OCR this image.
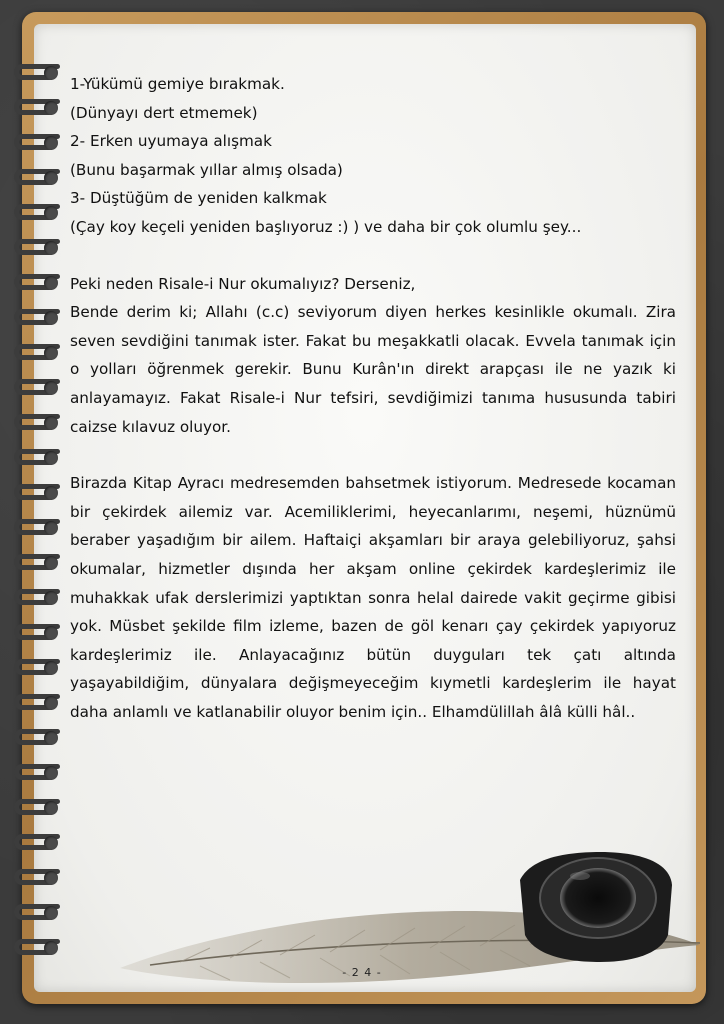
1-Yükümü gemiye bırakmak.

(Dünyayı dert etmemek)

2- Erken uyumaya alışmak

(Bunu başarmak yıllar almış olsada)

3- Düştüğüm de yeniden kalkmak

(Çay koy keçeli yeniden başlıyoruz :) ) ve daha bir çok olumlu şey...

Peki neden Risale-i Nur okumalıyız? Derseniz,

Bende derim ki; Allahı (c.c) seviyorum diyen herkes kesinlikle okumalı. Zira seven sevdiğini tanımak ister. Fakat bu meşakkatli olacak. Evvela tanımak için o yolları öğrenmek gerekir. Bunu Kurân'ın direkt arapçası ile ne yazık ki anlayamayız. Fakat Risale-i Nur tefsiri, sevdiğimizi tanıma hususunda tabiri caizse kılavuz oluyor.

Birazda Kitap Ayracı medresemden bahsetmek istiyorum. Medresede kocaman bir çekirdek ailemiz var. Acemiliklerimi, heyecanlarımı, neşemi, hüznümü beraber yaşadığım bir ailem. Haftaiçi akşamları bir araya gelebiliyoruz, şahsi okumalar, hizmetler dışında her akşam online çekirdek kardeşlerimiz ile muhakkak ufak derslerimizi yaptıktan sonra helal dairede vakit geçirme gibisi yok. Müsbet şekilde film izleme, bazen de göl kenarı çay çekirdek yapıyoruz kardeşlerimiz ile. Anlayacağınız bütün duyguları tek çatı altında yaşayabildiğim, dünyalara değişmeyeceğim kıymetli kardeşlerim ile hayat daha anlamlı ve katlanabilir oluyor benim için.. Elhamdülillah âlâ külli hâl..

- 2 4 -
